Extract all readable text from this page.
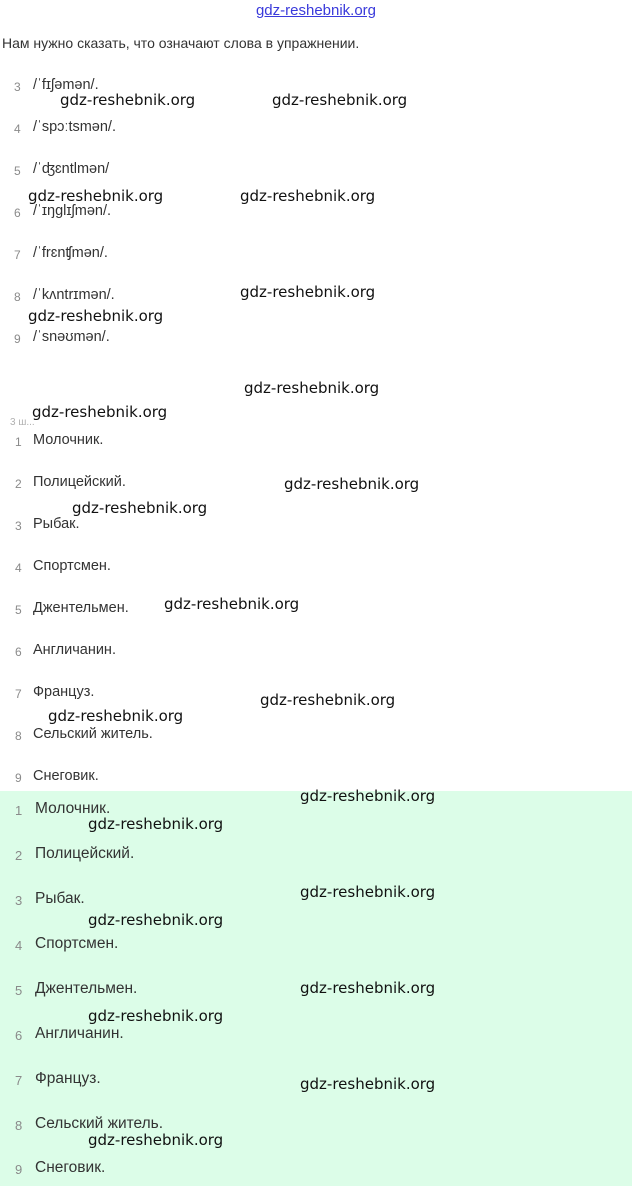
gdz-reshebnik.org
Нам нужно сказать, что означают слова в упражнении.
3 /ˈfɪʃəmən/.
4 /ˈspɔːtsmən/.
5 /ˈʤɛntlmən/
6 /ˈɪŋglɪʃmən/.
7 /ˈfrɛnʧmən/.
8 /ˈkʌntrɪmən/.
9 /ˈsnəʊmən/.
3 ш...
1 Молочник.
2 Полицейский.
3 Рыбак.
4 Спортсмен.
5 Джентельмен.
6 Англичанин.
7 Француз.
8 Сельский житель.
9 Снеговик.
1 Молочник.
2 Полицейский.
3 Рыбак.
4 Спортсмен.
5 Джентельмен.
6 Англичанин.
7 Француз.
8 Сельский житель.
9 Снеговик.
gdz-reshebnik.org	gdz-reshebnik.org
gdz-reshebnik.org	gdz-reshebnik.org
gdz-reshebnik.org
gdz-reshebnik.org
gdz-reshebnik.org
gdz-reshebnik.org
gdz-reshebnik.org
gdz-reshebnik.org
gdz-reshebnik.org
gdz-reshebnik.org
gdz-reshebnik.org
gdz-reshebnik.org
gdz-reshebnik.org
gdz-reshebnik.org
gdz-reshebnik.org
gdz-reshebnik.org
gdz-reshebnik.org
gdz-reshebnik.org
gdz-reshebnik.org
